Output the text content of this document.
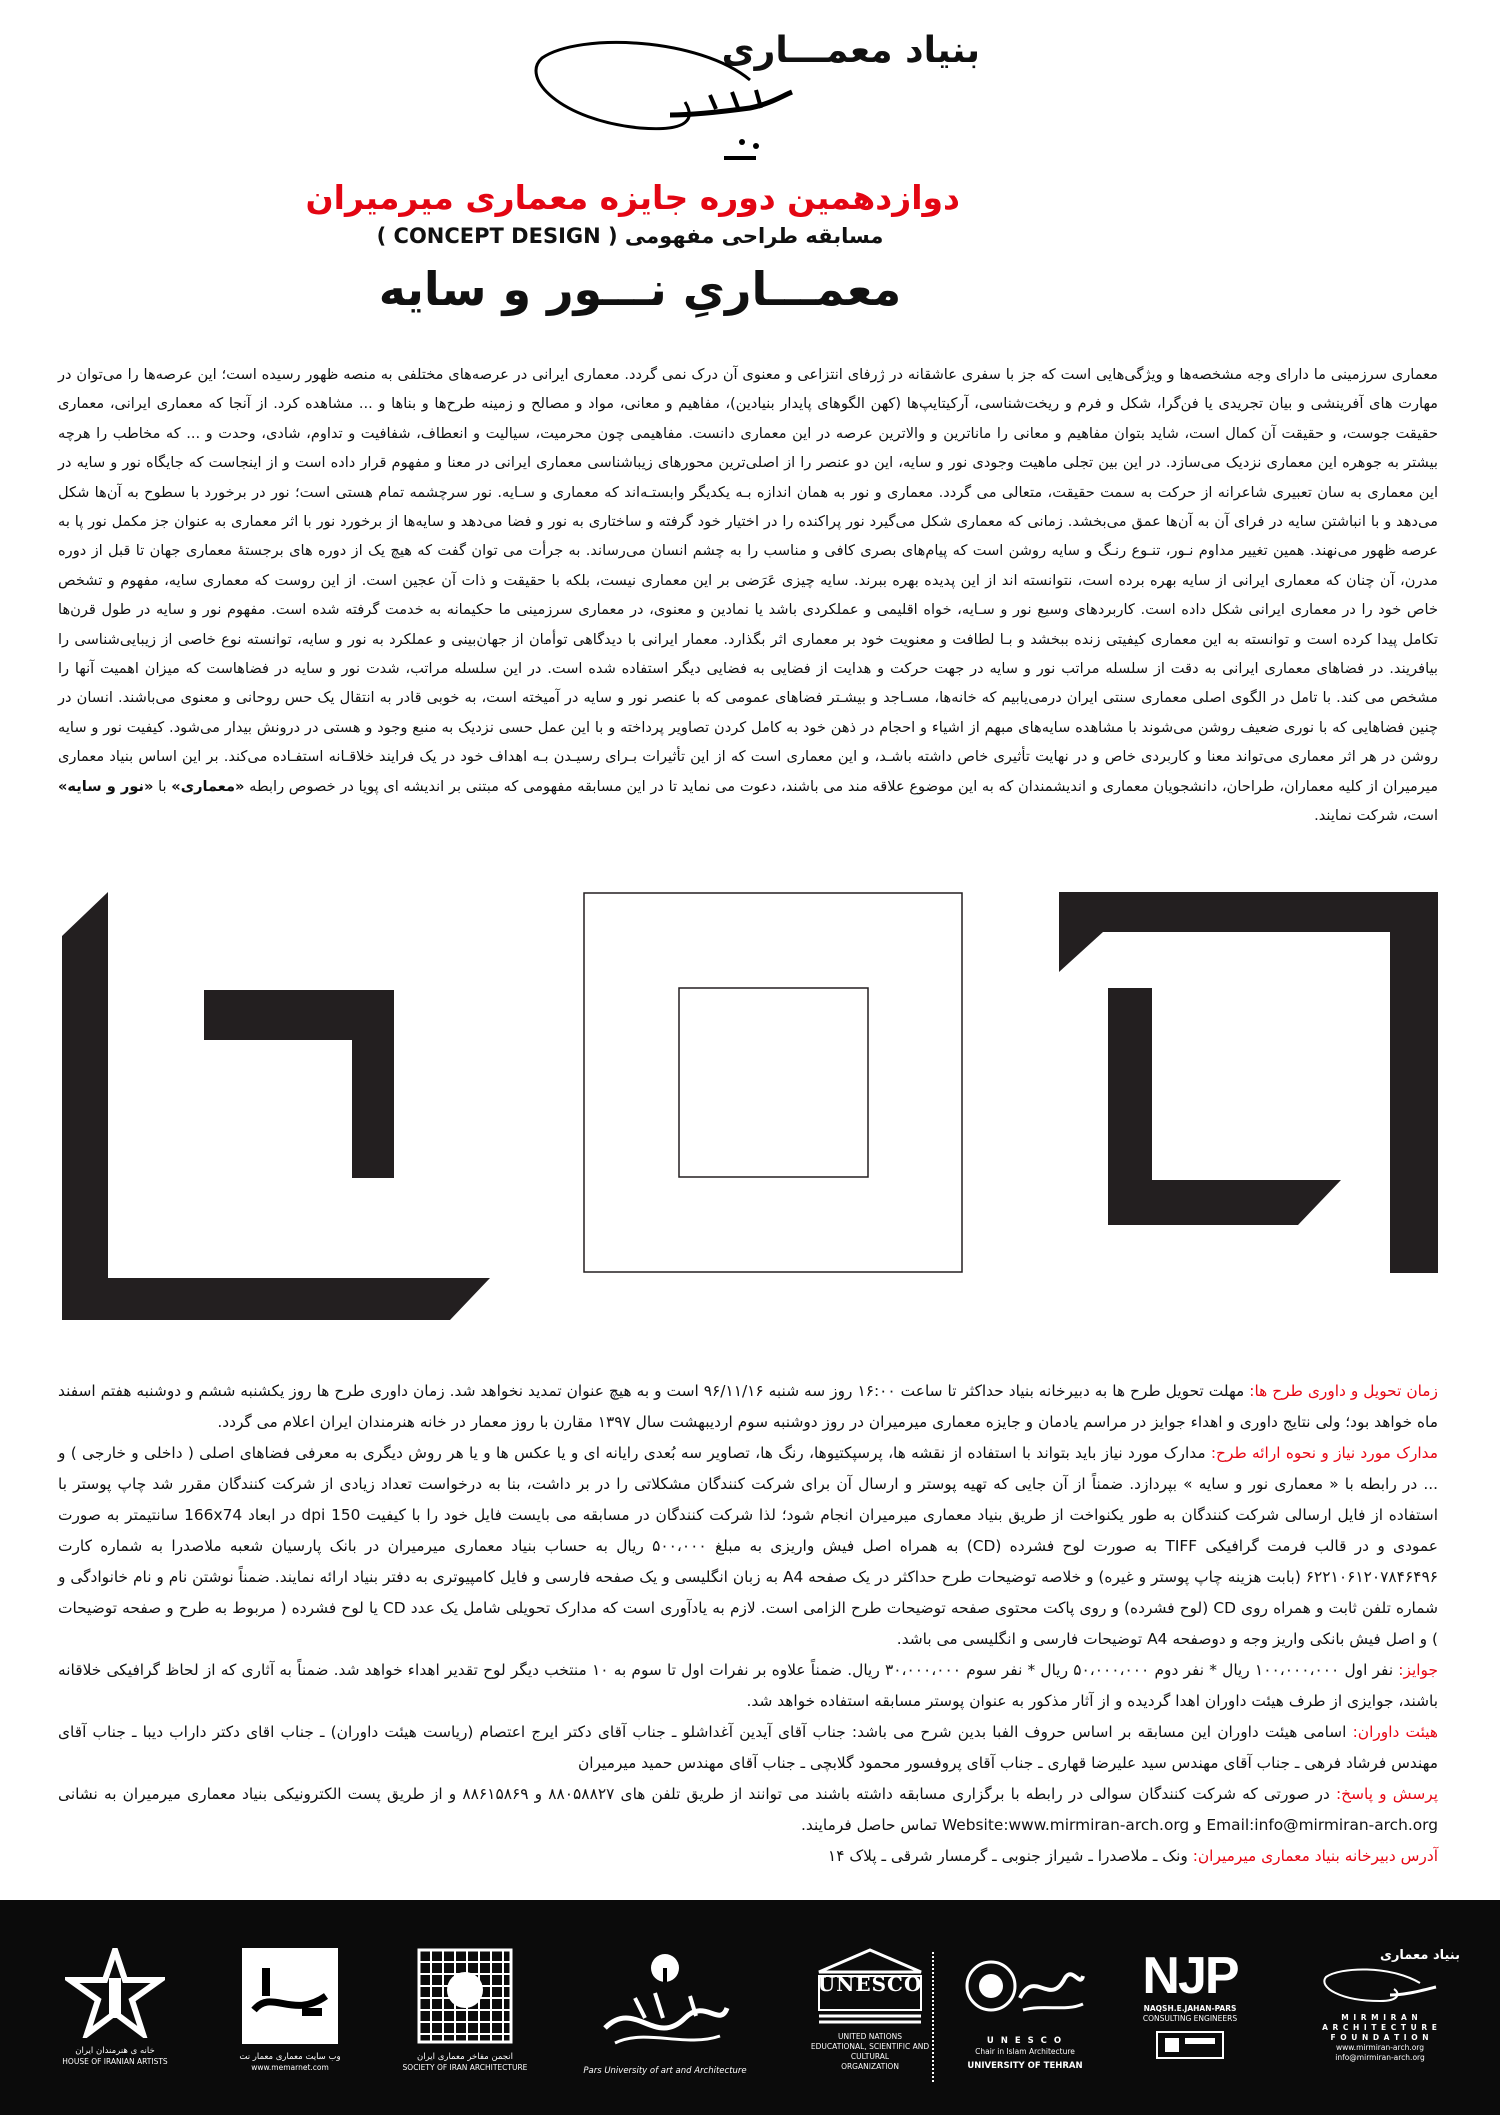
بنیاد معمـــاری
دوازدهمین دوره جایزه معماری میرمیران
مسابقه طراحی مفهومی ( CONCEPT DESIGN )
معمـــاریِ نـــور و سایه
معماری سرزمینی ما دارای وجه مشخصه‌ها و ویژگی‌هایی است که جز با سفری عاشقانه در ژرفای انتزاعی و معنوی آن درک نمی گردد. معماری ایرانی در عرصه‌های مختلفی به منصه ظهور رسیده است؛ این عرصه‌ها را می‌توان در مهارت های آفرینشی و بیان تجریدی یا فن‌گرا، شکل و فرم و ریخت‌شناسی، آرکیتایپ‌ها (کهن الگوهای پایدار بنیادین)، مفاهیم و معانی، مواد و مصالح و زمینه طرح‌ها و بناها و ... مشاهده کرد. از آنجا که معماری ایرانی، معماری حقیقت جوست، و حقیقت آن کمال است، شاید بتوان مفاهیم و معانی را ماناترین و والاترین عرصه در این معماری دانست. مفاهیمی چون محرمیت، سیالیت و انعطاف، شفافیت و تداوم، شادی، وحدت و ... که مخاطب را هرچه بیشتر به جوهره این معماری نزدیک می‌سازد. در این بین تجلی ماهیت وجودی نور و سایه، این دو عنصر را از اصلی‌ترین محورهای زیباشناسی معماری ایرانی در معنا و مفهوم قرار داده است و از اینجاست که جایگاه نور و سایه در این معماری به سان تعبیری شاعرانه از حرکت به سمت حقیقت، متعالی می گردد. معماری و نور به همان اندازه بـه یکدیگر وابستـه‌اند که معماری و سـایه. نور سرچشمه تمام هستی است؛ نور در برخورد با سطوح به آن‌ها شکل می‌دهد و با انباشتن سایه در فرای آن به آن‌ها عمق می‌بخشد. زمانی که معماری شکل می‌گیرد نور پراکنده را در اختیار خود گرفته و ساختاری به نور و فضا می‌دهد و سایه‌ها از برخورد نور با اثر معماری به عنوان جز مکمل نور پا به عرصه ظهور می‌نهند. همین تغییر مداوم نـور، تنـوع رنـگ و سایه روشن است که پیام‌های بصری کافی و مناسب را به چشم انسان می‌رساند. به جرأت می توان گفت که هیچ یک از دوره های برجستهٔ معماری جهان تا قبل از دوره مدرن، آن چنان که معماری ایرانی از سایه بهره برده است، نتوانسته اند از این پدیده بهره ببرند. سایه چیزی عَرَضی بر این معماری نیست، بلکه با حقیقت و ذات آن عجین است. از این روست که معماری سایه، مفهوم و تشخص خاص خود را در معماری ایرانی شکل داده است. کاربردهای وسیع نور و سـایه، خواه اقلیمی و عملکردی باشد یا نمادین و معنوی، در معماری سرزمینی ما حکیمانه به خدمت گرفته شده است. مفهوم نور و سایه در طول قرن‌ها تکامل پیدا کرده است و توانسته به این معماری کیفیتی زنده ببخشد و بـا لطافت و معنویت خود بر معماری اثر بگذارد. معمار ایرانی با دیدگاهی توأمان از جهان‌بینی و عملکرد به نور و سایه، توانسته نوع خاصی از زیبایی‌شناسی را بیافریند. در فضاهای معماری ایرانی به دقت از سلسله مراتب نور و سایه در جهت حرکت و هدایت از فضایی به فضایی دیگر استفاده شده است. در این سلسله مراتب، شدت نور و سایه در فضاهاست که میزان اهمیت آنها را مشخص می کند. با تامل در الگوی اصلی معماری سنتی ایران درمی‌یابیم که خانه‌ها، مسـاجد و بیشـتر فضاهای عمومی که با عنصر نور و سایه در آمیخته است، به خوبی قادر به انتقال یک حس روحانی و معنوی می‌باشند. انسان در چنین فضاهایی که با نوری ضعیف روشن می‌شوند با مشاهده سایه‌های مبهم از اشیاء و احجام در ذهن خود به کامل کردن تصاویر پرداخته و با این عمل حسی نزدیک به منبع وجود و هستی در درونش بیدار می‌شود. کیفیت نور و سایه روشن در هر اثر معماری می‌تواند معنا و کاربردی خاص و در نهایت تأثیری خاص داشته باشـد، و این معماری است که از این تأثیرات بـرای رسیـدن بـه اهداف خود در یک فرایند خلاقـانه استفـاده می‌کند. بر این اساس بنیاد معماری میرمیران از کلیه معماران، طراحان، دانشجویان معماری و اندیشمندان که به این موضوع علاقه مند می باشند، دعوت می نماید تا در این مسابقه مفهومی که مبتنی بر اندیشه ای پویا در خصوص رابطه «معماری» با «نور و سایه» است، شرکت نمایند.

زمان تحویل و داوری طرح ها: مهلت تحویل طرح ها به دبیرخانه بنیاد حداکثر تا ساعت ۱۶:۰۰ روز سه شنبه ۹۶/۱۱/۱۶ است و به هیچ عنوان تمدید نخواهد شد. زمان داوری طرح ها روز یکشنبه ششم و دوشنبه هفتم اسفند ماه خواهد بود؛ ولی نتایج داوری و اهداء جوایز در مراسم یادمان و جایزه معماری میرمیران در روز دوشنبه سوم اردیبهشت سال ۱۳۹۷ مقارن با روز معمار در خانه هنرمندان ایران اعلام می گردد.

مدارک مورد نیاز و نحوه ارائه طرح: مدارک مورد نیاز باید بتواند با استفاده از نقشه ها، پرسپکتیوها، رنگ ها، تصاویر سه بُعدی رایانه ای و یا عکس ها و یا هر روش دیگری به معرفی فضاهای اصلی ( داخلی و خارجی ) و ... در رابطه با « معماری نور و سایه » بپردازد. ضمناً از آن جایی که تهیه پوستر و ارسال آن برای شرکت کنندگان مشکلاتی را در بر داشت، بنا به درخواست تعداد زیادی از شرکت کنندگان مقرر شد چاپ پوستر با استفاده از فایل ارسالی شرکت کنندگان به طور یکنواخت از طریق بنیاد معماری میرمیران انجام شود؛ لذا شرکت کنندگان در مسابقه می بایست فایل خود را با کیفیت 150 dpi در ابعاد 166x74 سانتیمتر به صورت عمودی و در قالب فرمت گرافیکی TIFF به صورت لوح فشرده (CD) به همراه اصل فیش واریزی به مبلغ ۵۰۰،۰۰۰ ریال به حساب بنیاد معماری میرمیران در بانک پارسیان شعبه ملاصدرا به شماره کارت ۶۲۲۱۰۶۱۲۰۷۸۴۶۴۹۶ (بابت هزینه چاپ پوستر و غیره) و خلاصه توضیحات طرح حداکثر در یک صفحه A4 به زبان انگلیسی و یک صفحه فارسی و فایل کامپیوتری به دفتر بنیاد ارائه نمایند. ضمناً نوشتن نام و نام خانوادگی و شماره تلفن ثابت و همراه روی CD (لوح فشرده) و روی پاکت محتوی صفحه توضیحات طرح الزامی است. لازم به یادآوری است که مدارک تحویلی شامل یک عدد CD یا لوح فشرده ( مربوط به طرح و صفحه توضیحات ) و اصل فیش بانکی واریز وجه و دوصفحه A4 توضیحات فارسی و انگلیسی می باشد.

جوایز: نفر اول ۱۰۰،۰۰۰،۰۰۰ ریال * نفر دوم ۵۰،۰۰۰،۰۰۰ ریال * نفر سوم ۳۰،۰۰۰،۰۰۰ ریال. ضمناً علاوه بر نفرات اول تا سوم به ۱۰ منتخب دیگر لوح تقدیر اهداء خواهد شد. ضمناً به آثاری که از لحاظ گرافیکی خلاقانه باشند، جوایزی از طرف هیئت داوران اهدا گردیده و از آثار مذکور به عنوان پوستر مسابقه استفاده خواهد شد.

هیئت داوران: اسامی هیئت داوران این مسابقه بر اساس حروف الفبا بدین شرح می باشد: جناب آقای آیدین آغداشلو ـ جناب آقای دکتر ایرج اعتصام (ریاست هیئت داوران) ـ جناب اقای دکتر داراب دیبا ـ جناب آقای مهندس فرشاد فرهی ـ جناب آقای مهندس سید علیرضا قهاری ـ جناب آقای پروفسور محمود گلابچی ـ جناب آقای مهندس حمید میرمیران

پرسش و پاسخ: در صورتی که شرکت کنندگان سوالی در رابطه با برگزاری مسابقه داشته باشند می توانند از طریق تلفن های ۸۸۰۵۸۸۲۷ و ۸۸۶۱۵۸۶۹ و از طریق پست الکترونیکی بنیاد معماری میرمیران به نشانی Email:info@mirmiran-arch.org و Website:www.mirmiran-arch.org تماس حاصل فرمایند.

آدرس دبیرخانه بنیاد معماری میرمیران: ونک ـ ملاصدرا ـ شیراز جنوبی ـ گرمسار شرقی ـ پلاک ۱۴

خانه ی هنرمندان ایران
HOUSE OF IRANIAN ARTISTS	وب سایت معماری معمار نت
www.memarnet.com
انجمن مفاخر معماری ایران
SOCIETY OF IRAN ARCHITECTURE	Pars University of art and Architecture
UNESCO
UNITED NATIONS
EDUCATIONAL, SCIENTIFIC AND CULTURAL
ORGANIZATION
U N E S C O
Chair in Islam Architecture
UNIVERSITY OF TEHRAN
NJP
NAQSH.E.JAHAN-PARS
CONSULTING ENGINEERS
بنیاد معماری
M I R M I R A N
A R C H I T E C T U R E
F O U N D A T I O N
www.mirmiran-arch.org
info@mirmiran-arch.org
